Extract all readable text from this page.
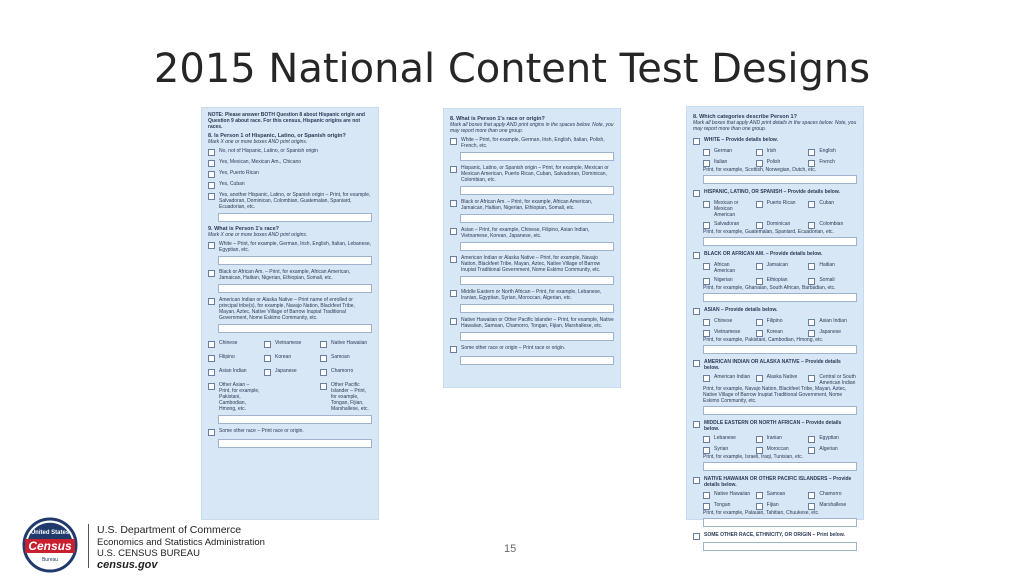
2015 National Content Test Designs
NOTE: Please answer BOTH Question 8 about Hispanic origin and Question 9 about race. For this census, Hispanic origins are not races.
8. Is Person 1 of Hispanic, Latino, or Spanish origin?
Mark X one or more boxes AND print origins.
No, not of Hispanic, Latino, or Spanish origin
Yes, Mexican, Mexican Am., Chicano
Yes, Puerto Rican
Yes, Cuban
Yes, another Hispanic, Latino, or Spanish origin – Print, for example, Salvadoran, Dominican, Colombian, Guatemalan, Spaniard, Ecuadorian, etc.
9. What is Person 1's race?
Mark X one or more boxes AND print origins.
White – Print, for example, German, Irish, English, Italian, Lebanese, Egyptian, etc.
Black or African Am. – Print, for example, African American, Jamaican, Haitian, Nigerian, Ethiopian, Somali, etc.
American Indian or Alaska Native – Print name of enrolled or principal tribe(s), for example, Navajo Nation, Blackfeet Tribe, Mayan, Aztec, Native Village of Barrow Inupiat Traditional Government, Nome Eskimo Community, etc.
Chinese	Vietnamese	Native Hawaiian
Filipino	Korean	Samoan
Asian Indian	Japanese	Chamorro
Other Asian – Print, for example, Pakistani, Cambodian, Hmong, etc.
Other Pacific Islander – Print, for example, Tongan, Fijian, Marshallese, etc.
Some other race – Print race or origin.
8. What is Person 1's race or origin?
Mark all boxes that apply AND print origins in the spaces below. Note, you may report more than one group.
White – Print, for example, German, Irish, English, Italian, Polish, French, etc.
Hispanic, Latino, or Spanish origin – Print, for example, Mexican or Mexican American, Puerto Rican, Cuban, Salvadoran, Dominican, Colombian, etc.
Black or African Am. – Print, for example, African American, Jamaican, Haitian, Nigerian, Ethiopian, Somali, etc.
Asian – Print, for example, Chinese, Filipino, Asian Indian, Vietnamese, Korean, Japanese, etc.
American Indian or Alaska Native – Print, for example, Navajo Nation, Blackfeet Tribe, Mayan, Aztec, Native Village of Barrow Inupiat Traditional Government, Nome Eskimo Community, etc.
Middle Eastern or North African – Print, for example, Lebanese, Iranian, Egyptian, Syrian, Moroccan, Algerian, etc.
Native Hawaiian or Other Pacific Islander – Print, for example, Native Hawaiian, Samoan, Chamorro, Tongan, Fijian, Marshallese, etc.
Some other race or origin – Print race or origin.
8. Which categories describe Person 1?
Mark all boxes that apply AND print details in the spaces below. Note, you may report more than one group.
WHITE – Provide details below.
German	Irish	English
Italian	Polish	French
Print, for example, Scottish, Norwegian, Dutch, etc.
HISPANIC, LATINO, OR SPANISH – Provide details below.
Mexican or Mexican American
Puerto Rican	Cuban
Salvadoran	Dominican	Colombian
Print, for example, Guatemalan, Spaniard, Ecuadorian, etc.
BLACK OR AFRICAN AM. – Provide details below.
African American
Jamaican	Haitian
Nigerian	Ethiopian	Somali
Print, for example, Ghanaian, South African, Barbadian, etc.
ASIAN – Provide details below.
Chinese	Filipino	Asian Indian
Vietnamese	Korean	Japanese
Print, for example, Pakistani, Cambodian, Hmong, etc.
AMERICAN INDIAN OR ALASKA NATIVE – Provide details below.
American Indian	Alaska Native	Central or South American Indian
Print, for example, Navajo Nation, Blackfeet Tribe, Mayan, Aztec, Native Village of Barrow Inupiat Traditional Government, Nome Eskimo Community, etc.
MIDDLE EASTERN OR NORTH AFRICAN – Provide details below.
Lebanese	Iranian	Egyptian
Syrian	Moroccan	Algerian
Print, for example, Israeli, Iraqi, Tunisian, etc.
NATIVE HAWAIIAN OR OTHER PACIFIC ISLANDERS – Provide details below.
Native Hawaiian	Samoan	Chamorro
Tongan	Fijian	Marshallese
Print, for example, Palauan, Tahitian, Chuukese, etc.
SOME OTHER RACE, ETHNICITY, OR ORIGIN – Print below.
United States
Census
Bureau
U.S. Department of Commerce
Economics and Statistics Administration
U.S. CENSUS BUREAU
census.gov
15
